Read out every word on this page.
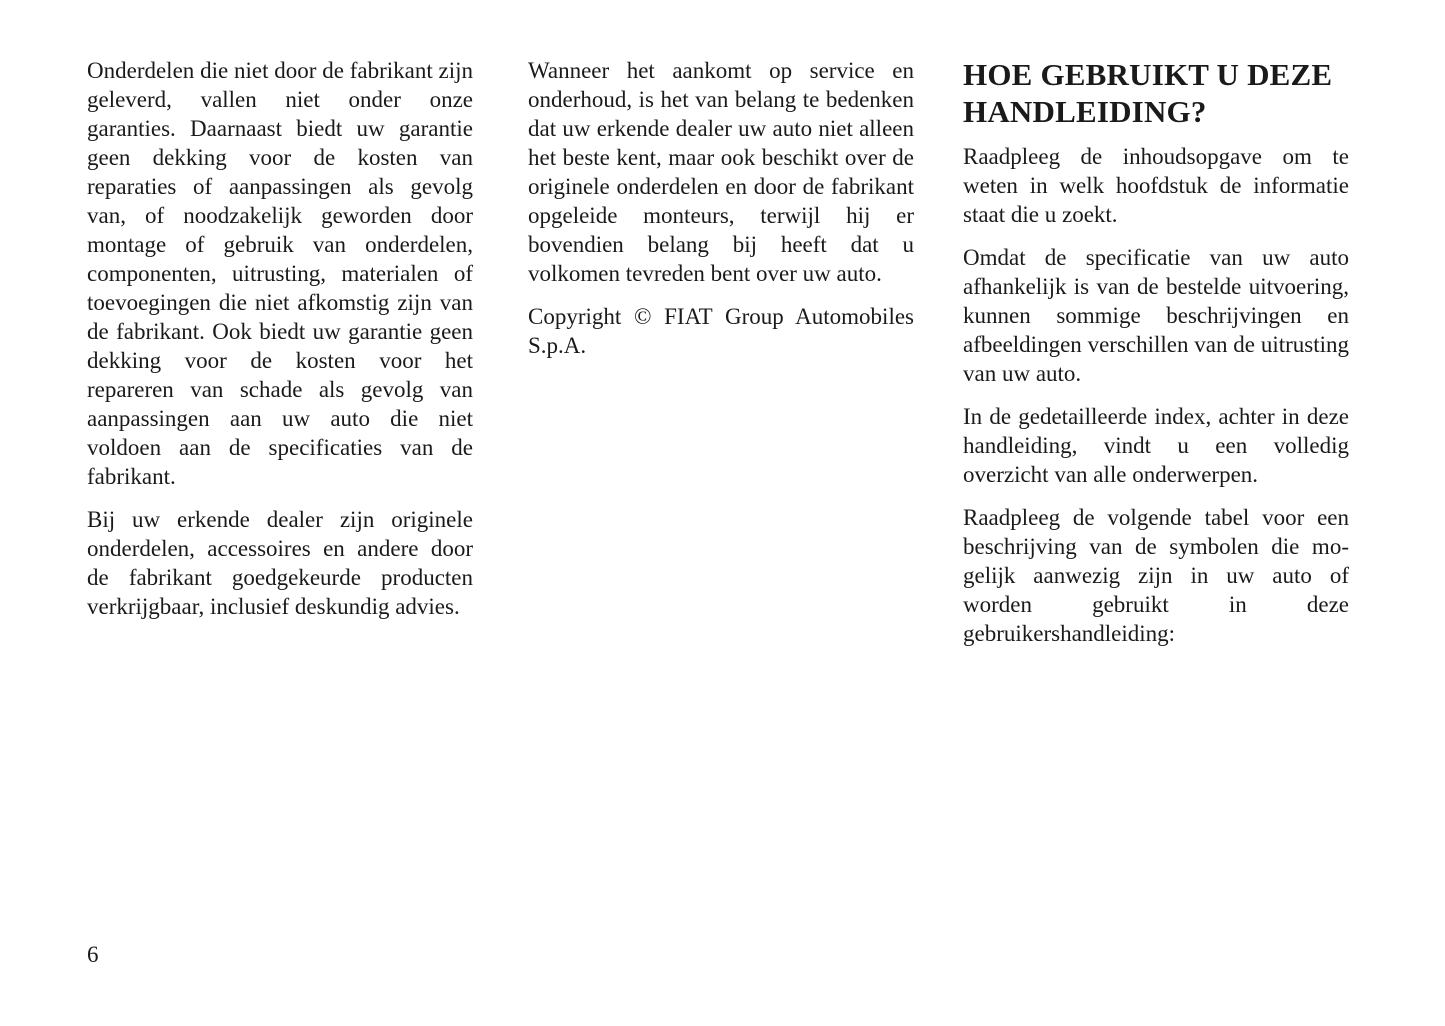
Onderdelen die niet door de fabrikant zijn geleverd, vallen niet onder onze garanties. Daarnaast biedt uw garantie geen dekking voor de kosten van reparaties of aanpassingen als gevolg van, of noodzakelijk geworden door montage of gebruik van onderdelen, componenten, uitrusting, materialen of toevoegingen die niet afkomstig zijn van de fabrikant. Ook biedt uw garantie geen dekking voor de kosten voor het repareren van schade als gevolg van aanpassingen aan uw auto die niet voldoen aan de specificaties van de fabrikant.

Bij uw erkende dealer zijn originele onderdelen, accessoires en andere door de fabrikant goedgekeurde producten verkrijgbaar, inclusief deskundig advies.

Wanneer het aankomt op service en onderhoud, is het van belang te bedenken dat uw erkende dealer uw auto niet alleen het beste kent, maar ook beschikt over de originele onderdelen en door de fabrikant opgeleide monteurs, terwijl hij er bovendien belang bij heeft dat u volkomen tevreden bent over uw auto.

Copyright © FIAT Group Automobiles S.p.A.

HOE GEBRUIKT U DEZE HANDLEIDING?

Raadpleeg de inhoudsopgave om te weten in welk hoofdstuk de informatie staat die u zoekt.

Omdat de specificatie van uw auto afhankelijk is van de bestelde uitvoering, kunnen sommige beschrijvingen en afbeeldingen verschillen van de uitrusting van uw auto.

In de gedetailleerde index, achter in deze handleiding, vindt u een volledig overzicht van alle onderwerpen.

Raadpleeg de volgende tabel voor een beschrijving van de symbolen die mogelijk aanwezig zijn in uw auto of worden gebruikt in deze gebruikershandleiding:

6
